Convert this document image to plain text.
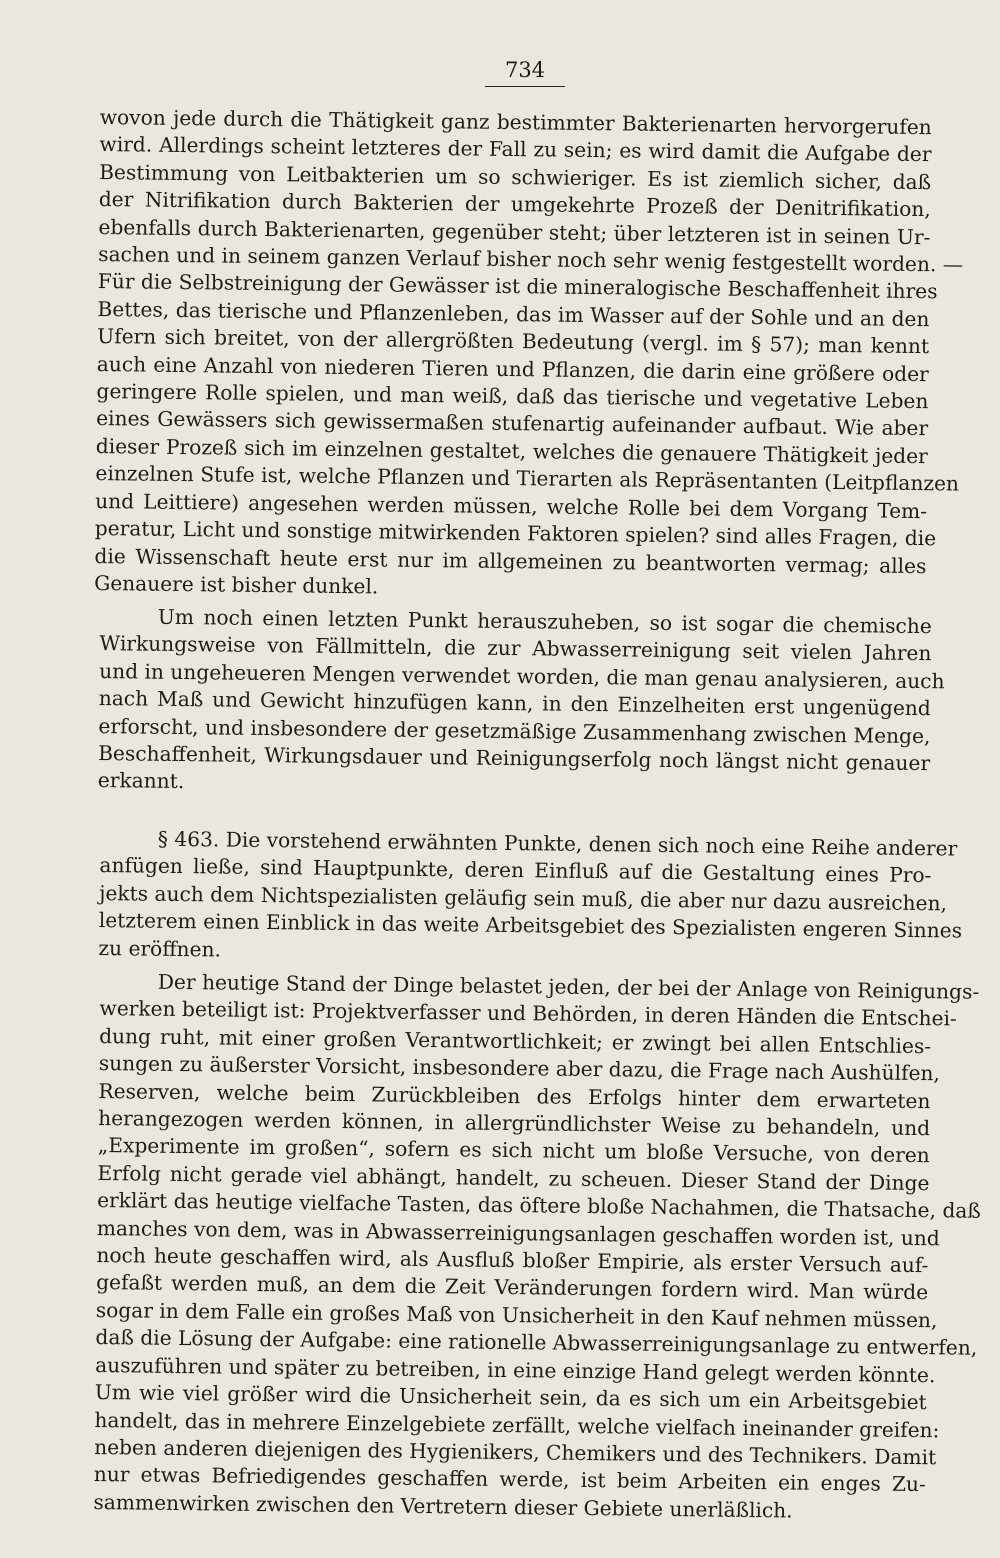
734

wovon jede durch die Thätigkeit ganz bestimmter Bakterienarten hervorgerufen
wird. Allerdings scheint letzteres der Fall zu sein; es wird damit die Aufgabe der
Bestimmung von Leitbakterien um so schwieriger. Es ist ziemlich sicher, daß
der Nitrifikation durch Bakterien der umgekehrte Prozeß der Denitrifikation,
ebenfalls durch Bakterienarten, gegenüber steht; über letzteren ist in seinen Ur-
sachen und in seinem ganzen Verlauf bisher noch sehr wenig festgestellt worden. —
Für die Selbstreinigung der Gewässer ist die mineralogische Beschaffenheit ihres
Bettes, das tierische und Pflanzenleben, das im Wasser auf der Sohle und an den
Ufern sich breitet, von der allergrößten Bedeutung (vergl. im § 57); man kennt
auch eine Anzahl von niederen Tieren und Pflanzen, die darin eine größere oder
geringere Rolle spielen, und man weiß, daß das tierische und vegetative Leben
eines Gewässers sich gewissermaßen stufenartig aufeinander aufbaut. Wie aber
dieser Prozeß sich im einzelnen gestaltet, welches die genauere Thätigkeit jeder
einzelnen Stufe ist, welche Pflanzen und Tierarten als Repräsentanten (Leitpflanzen
und Leittiere) angesehen werden müssen, welche Rolle bei dem Vorgang Tem-
peratur, Licht und sonstige mitwirkenden Faktoren spielen? sind alles Fragen, die
die Wissenschaft heute erst nur im allgemeinen zu beantworten vermag; alles
Genauere ist bisher dunkel.

Um noch einen letzten Punkt herauszuheben, so ist sogar die chemische
Wirkungsweise von Fällmitteln, die zur Abwasserreinigung seit vielen Jahren
und in ungeheueren Mengen verwendet worden, die man genau analysieren, auch
nach Maß und Gewicht hinzufügen kann, in den Einzelheiten erst ungenügend
erforscht, und insbesondere der gesetzmäßige Zusammenhang zwischen Menge,
Beschaffenheit, Wirkungsdauer und Reinigungserfolg noch längst nicht genauer
erkannt.

§ 463. Die vorstehend erwähnten Punkte, denen sich noch eine Reihe anderer
anfügen ließe, sind Hauptpunkte, deren Einfluß auf die Gestaltung eines Pro-
jekts auch dem Nichtspezialisten geläufig sein muß, die aber nur dazu ausreichen,
letzterem einen Einblick in das weite Arbeitsgebiet des Spezialisten engeren Sinnes
zu eröffnen.

Der heutige Stand der Dinge belastet jeden, der bei der Anlage von Reinigungs-
werken beteiligt ist: Projektverfasser und Behörden, in deren Händen die Entschei-
dung ruht, mit einer großen Verantwortlichkeit; er zwingt bei allen Entschlies-
sungen zu äußerster Vorsicht, insbesondere aber dazu, die Frage nach Aushülfen,
Reserven, welche beim Zurückbleiben des Erfolgs hinter dem erwarteten
herangezogen werden können, in allergründlichster Weise zu behandeln, und
„Experimente im großen“, sofern es sich nicht um bloße Versuche, von deren
Erfolg nicht gerade viel abhängt, handelt, zu scheuen. Dieser Stand der Dinge
erklärt das heutige vielfache Tasten, das öftere bloße Nachahmen, die Thatsache, daß
manches von dem, was in Abwasserreinigungsanlagen geschaffen worden ist, und
noch heute geschaffen wird, als Ausfluß bloßer Empirie, als erster Versuch auf-
gefaßt werden muß, an dem die Zeit Veränderungen fordern wird. Man würde
sogar in dem Falle ein großes Maß von Unsicherheit in den Kauf nehmen müssen,
daß die Lösung der Aufgabe: eine rationelle Abwasserreinigungsanlage zu entwerfen,
auszuführen und später zu betreiben, in eine einzige Hand gelegt werden könnte.
Um wie viel größer wird die Unsicherheit sein, da es sich um ein Arbeitsgebiet
handelt, das in mehrere Einzelgebiete zerfällt, welche vielfach ineinander greifen:
neben anderen diejenigen des Hygienikers, Chemikers und des Technikers. Damit
nur etwas Befriedigendes geschaffen werde, ist beim Arbeiten ein enges Zu-
sammenwirken zwischen den Vertretern dieser Gebiete unerläßlich.
